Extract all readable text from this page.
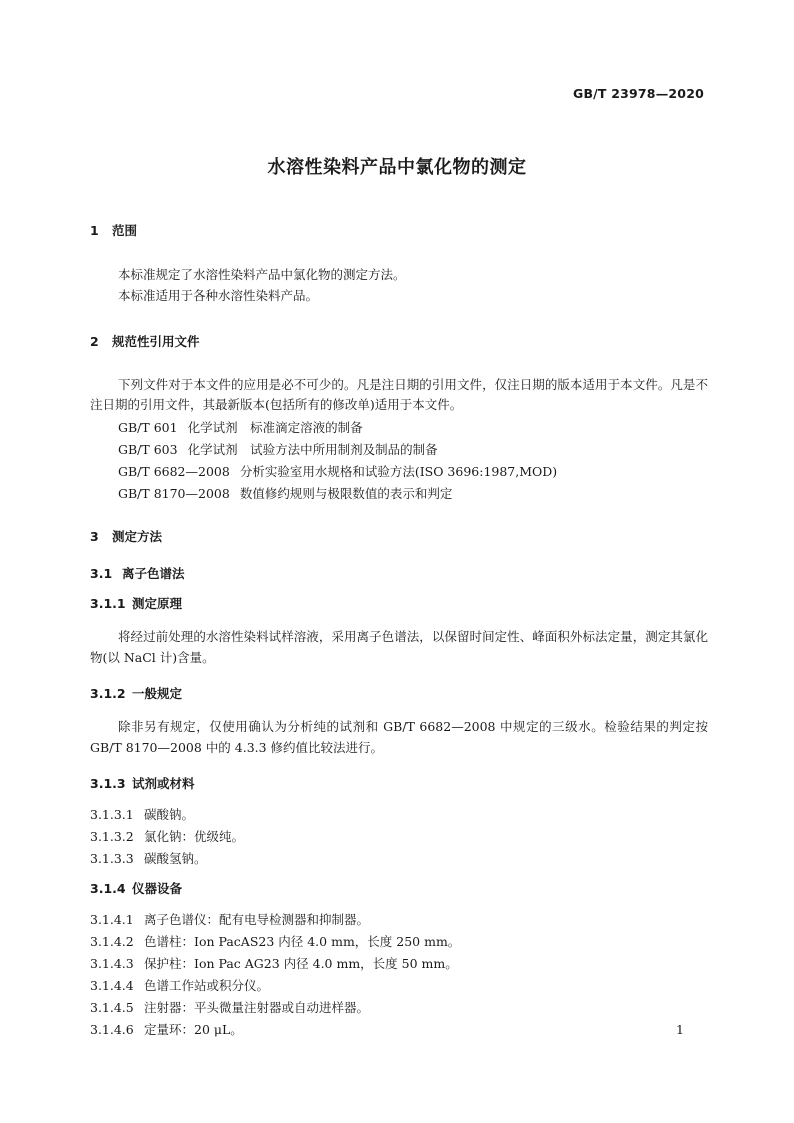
GB/T 23978—2020
水溶性染料产品中氯化物的测定
1 范围

本标准规定了水溶性染料产品中氯化物的测定方法。

本标准适用于各种水溶性染料产品。

2 规范性引用文件

下列文件对于本文件的应用是必不可少的。凡是注日期的引用文件，仅注日期的版本适用于本文件。凡是不注日期的引用文件，其最新版本(包括所有的修改单)适用于本文件。

GB/T 601 化学试剂　标准滴定溶液的制备

GB/T 603 化学试剂　试验方法中所用制剂及制品的制备

GB/T 6682—2008 分析实验室用水规格和试验方法(ISO 3696:1987,MOD)

GB/T 8170—2008 数值修约规则与极限数值的表示和判定

3 测定方法
3.1 离子色谱法
3.1.1 测定原理

将经过前处理的水溶性染料试样溶液，采用离子色谱法，以保留时间定性、峰面积外标法定量，测定其氯化物(以 NaCl 计)含量。

3.1.2 一般规定

除非另有规定，仅使用确认为分析纯的试剂和 GB/T 6682—2008 中规定的三级水。检验结果的判定按 GB/T 8170—2008 中的 4.3.3 修约值比较法进行。

3.1.3 试剂或材料

3.1.3.1 碳酸钠。

3.1.3.2 氯化钠：优级纯。

3.1.3.3 碳酸氢钠。

3.1.4 仪器设备

3.1.4.1 离子色谱仪：配有电导检测器和抑制器。

3.1.4.2 色谱柱：Ion PacAS23 内径 4.0 mm，长度 250 mm。

3.1.4.3 保护柱：Ion Pac AG23 内径 4.0 mm，长度 50 mm。

3.1.4.4 色谱工作站或积分仪。

3.1.4.5 注射器：平头微量注射器或自动进样器。

3.1.4.6 定量环：20 μL。	1
